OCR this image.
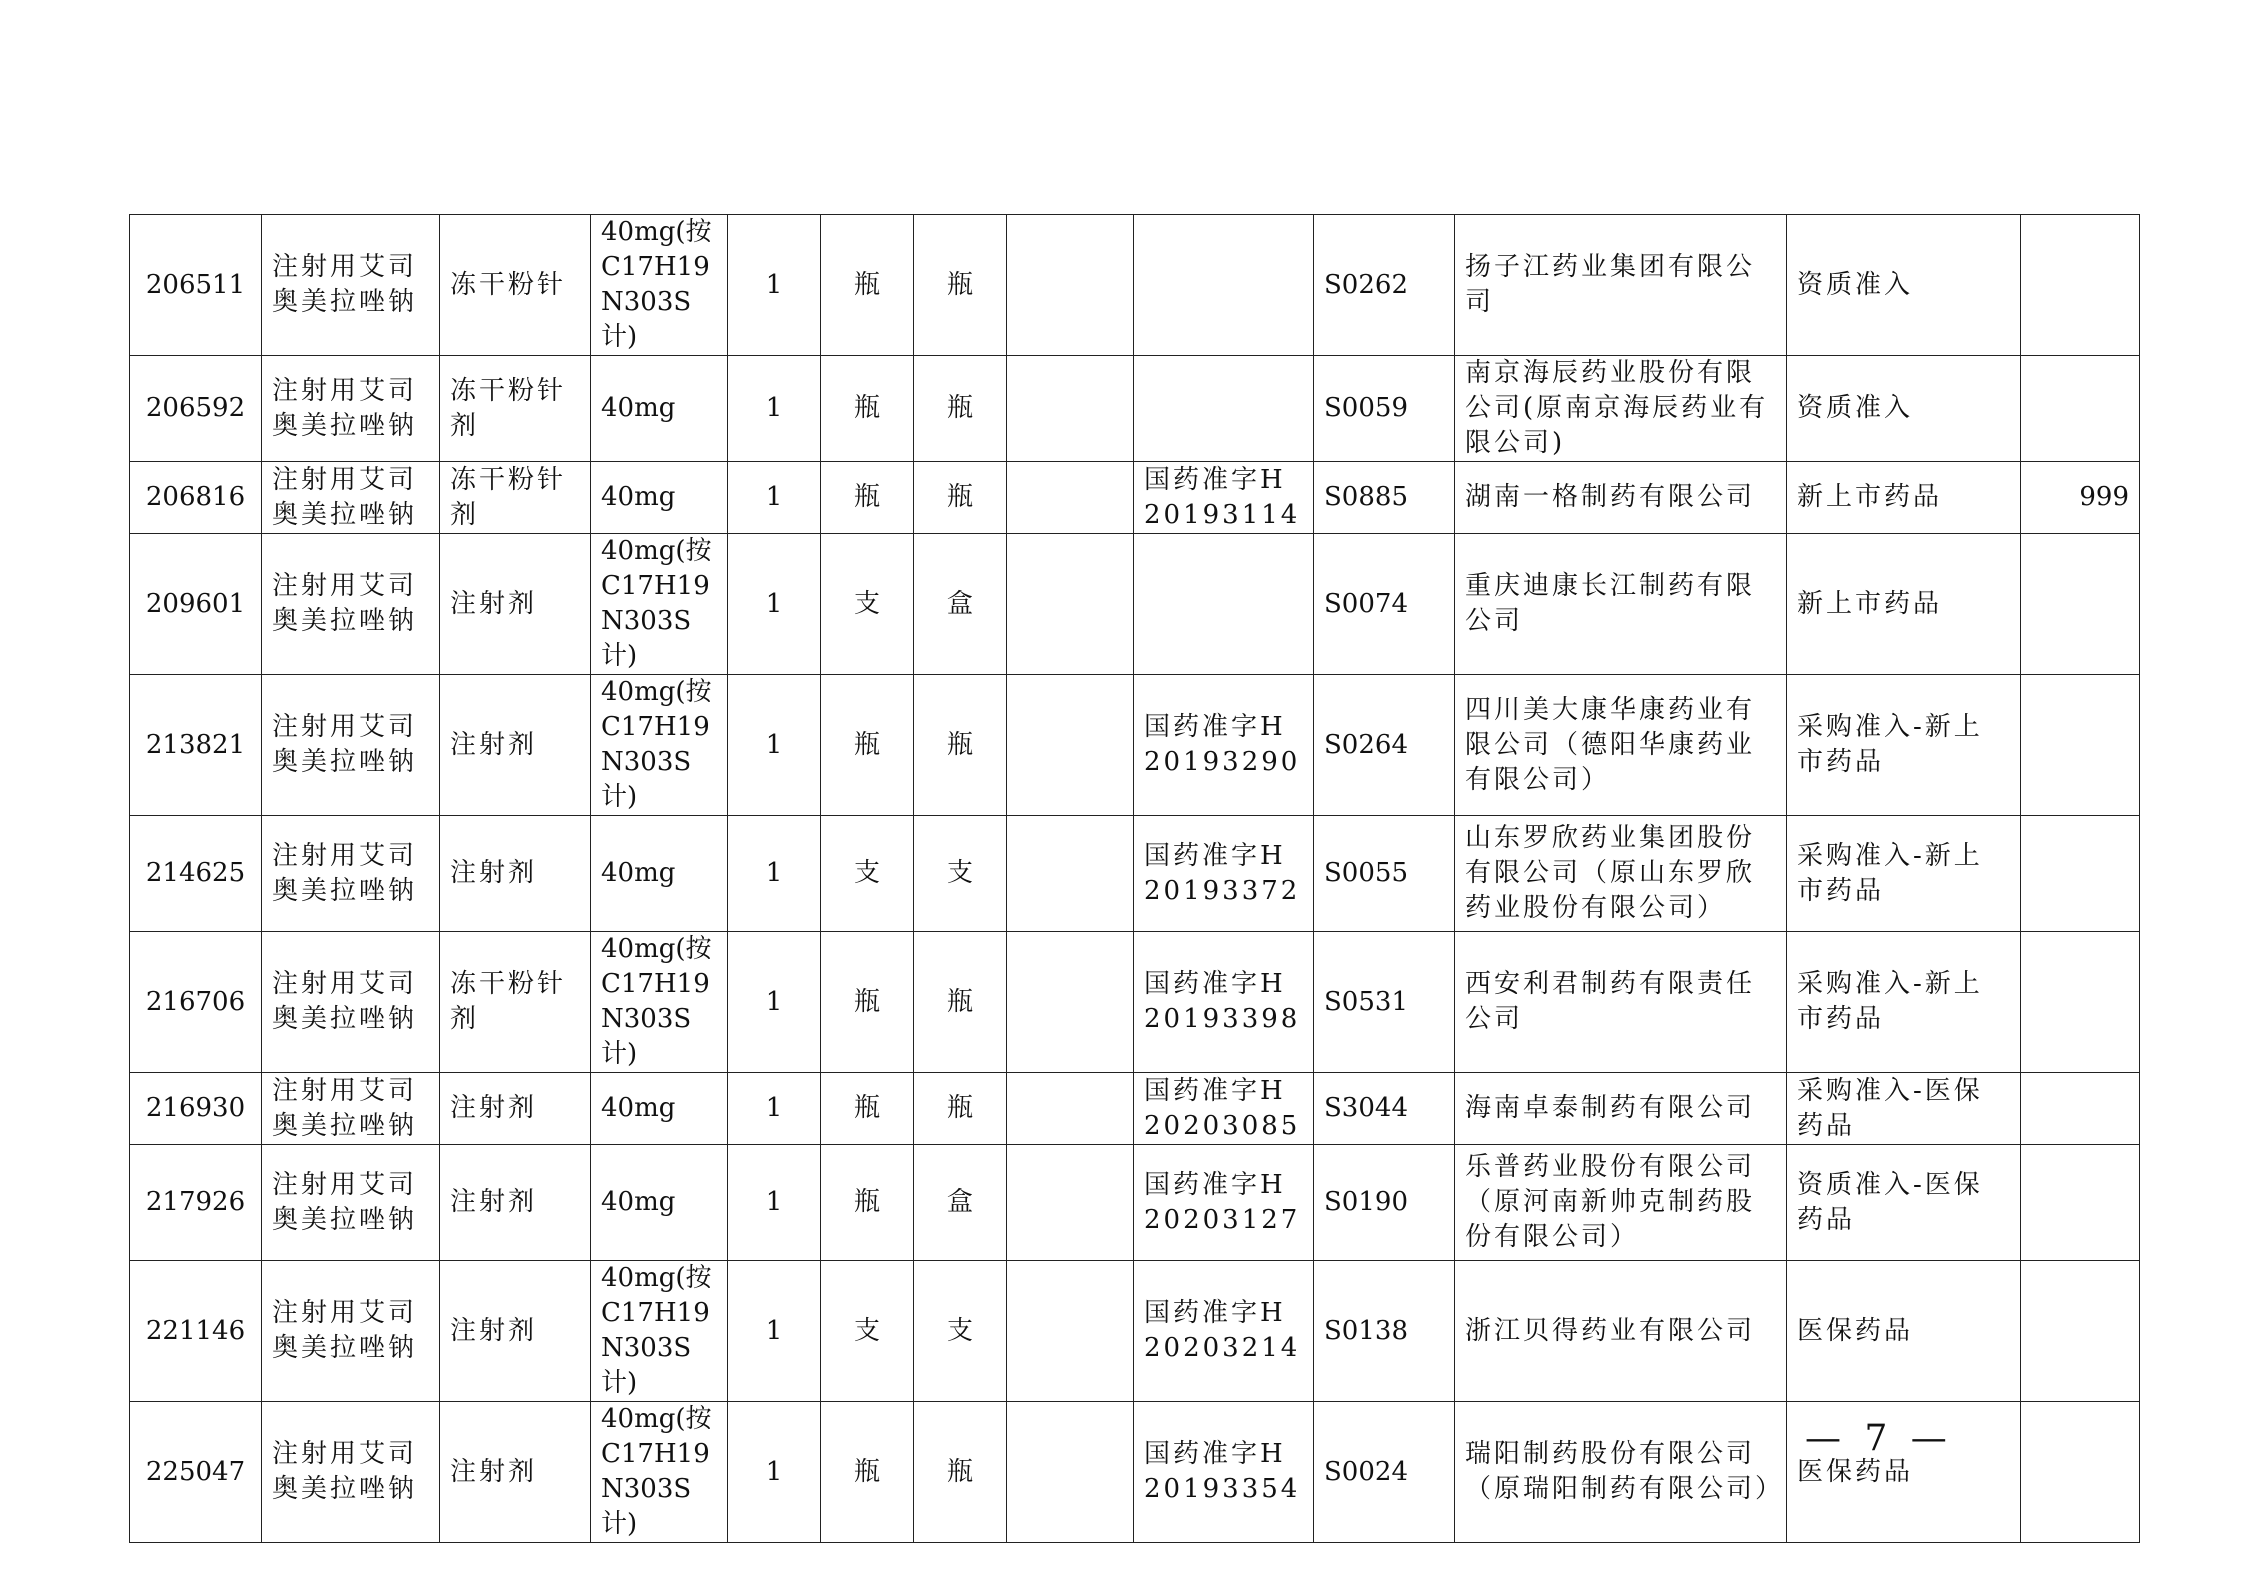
206511	注射用艾司奥美拉唑钠	冻干粉针	40mg(按C17H19N303S计)	1	瓶	瓶			S0262	扬子江药业集团有限公司	资质准入	
206592	注射用艾司奥美拉唑钠	冻干粉针剂	40mg	1	瓶	瓶			S0059	南京海辰药业股份有限公司(原南京海辰药业有限公司)	资质准入	
206816	注射用艾司奥美拉唑钠	冻干粉针剂	40mg	1	瓶	瓶		国药准字H20193114	S0885	湖南一格制药有限公司	新上市药品	999
209601	注射用艾司奥美拉唑钠	注射剂	40mg(按C17H19N303S计)	1	支	盒			S0074	重庆迪康长江制药有限公司	新上市药品	
213821	注射用艾司奥美拉唑钠	注射剂	40mg(按C17H19N303S计)	1	瓶	瓶		国药准字H20193290	S0264	四川美大康华康药业有限公司（德阳华康药业有限公司）	采购准入-新上市药品	
214625	注射用艾司奥美拉唑钠	注射剂	40mg	1	支	支		国药准字H20193372	S0055	山东罗欣药业集团股份有限公司（原山东罗欣药业股份有限公司）	采购准入-新上市药品	
216706	注射用艾司奥美拉唑钠	冻干粉针剂	40mg(按C17H19N303S计)	1	瓶	瓶		国药准字H20193398	S0531	西安利君制药有限责任公司	采购准入-新上市药品	
216930	注射用艾司奥美拉唑钠	注射剂	40mg	1	瓶	瓶		国药准字H20203085	S3044	海南卓泰制药有限公司	采购准入-医保药品	
217926	注射用艾司奥美拉唑钠	注射剂	40mg	1	瓶	盒		国药准字H20203127	S0190	乐普药业股份有限公司（原河南新帅克制药股份有限公司）	资质准入-医保药品	
221146	注射用艾司奥美拉唑钠	注射剂	40mg(按C17H19N303S计)	1	支	支		国药准字H20203214	S0138	浙江贝得药业有限公司	医保药品	
225047	注射用艾司奥美拉唑钠	注射剂	40mg(按C17H19N303S计)	1	瓶	瓶		国药准字H20193354	S0024	瑞阳制药股份有限公司（原瑞阳制药有限公司）	医保药品	
— 7 —
